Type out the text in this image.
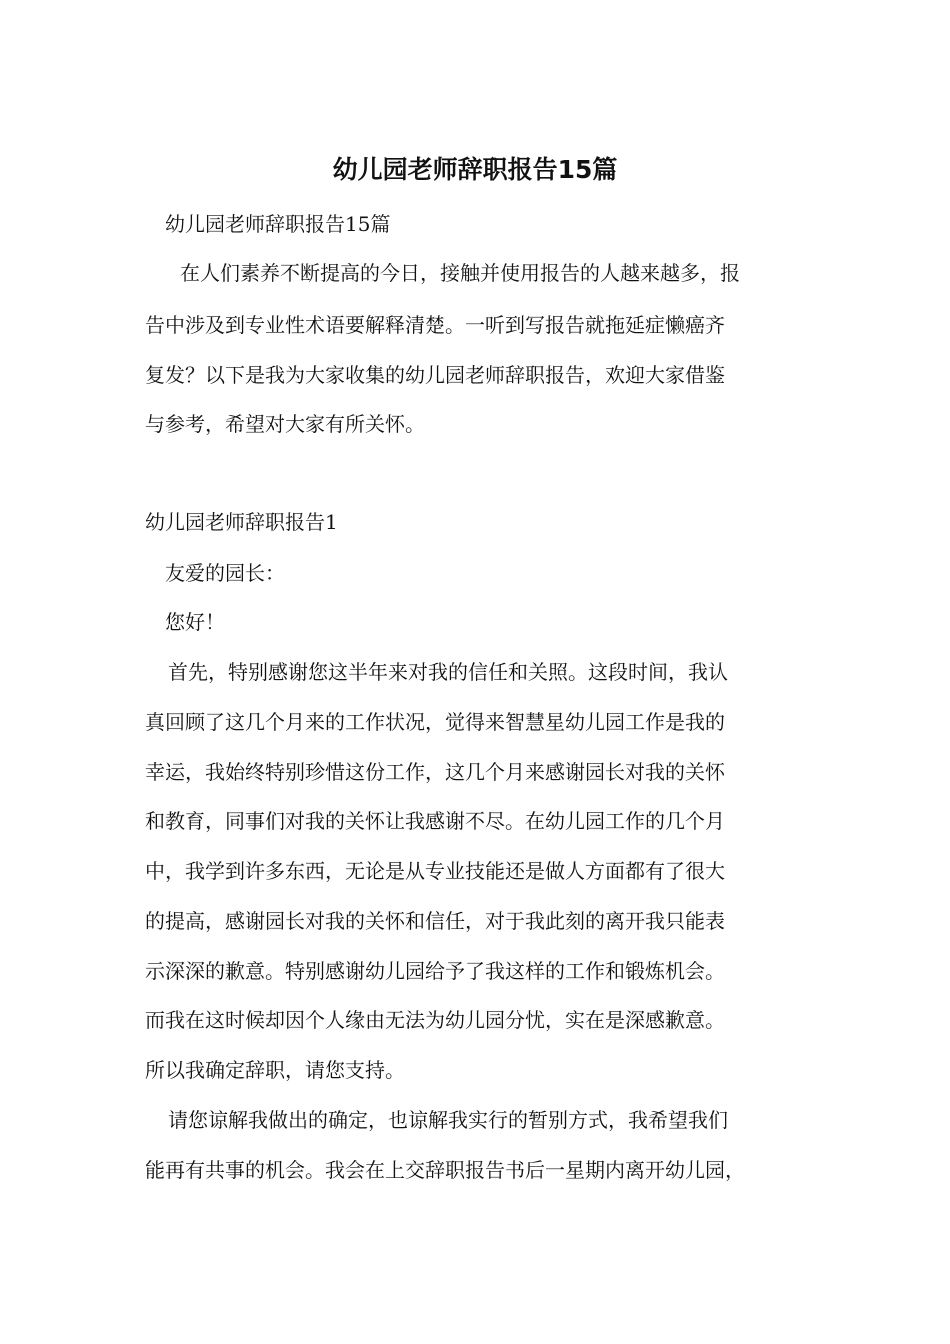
幼儿园老师辞职报告15篇

幼儿园老师辞职报告15篇

在人们素养不断提高的今日，接触并使用报告的人越来越多，报

告中涉及到专业性术语要解释清楚。一听到写报告就拖延症懒癌齐

复发？以下是我为大家收集的幼儿园老师辞职报告，欢迎大家借鉴

与参考，希望对大家有所关怀。

幼儿园老师辞职报告1

友爱的园长：

您好！

首先，特别感谢您这半年来对我的信任和关照。这段时间，我认

真回顾了这几个月来的工作状况，觉得来智慧星幼儿园工作是我的

幸运，我始终特别珍惜这份工作，这几个月来感谢园长对我的关怀

和教育，同事们对我的关怀让我感谢不尽。在幼儿园工作的几个月

中，我学到许多东西，无论是从专业技能还是做人方面都有了很大

的提高，感谢园长对我的关怀和信任，对于我此刻的离开我只能表

示深深的歉意。特别感谢幼儿园给予了我这样的工作和锻炼机会。

而我在这时候却因个人缘由无法为幼儿园分忧，实在是深感歉意。

所以我确定辞职，请您支持。

请您谅解我做出的确定，也谅解我实行的暂别方式，我希望我们

能再有共事的机会。我会在上交辞职报告书后一星期内离开幼儿园，
